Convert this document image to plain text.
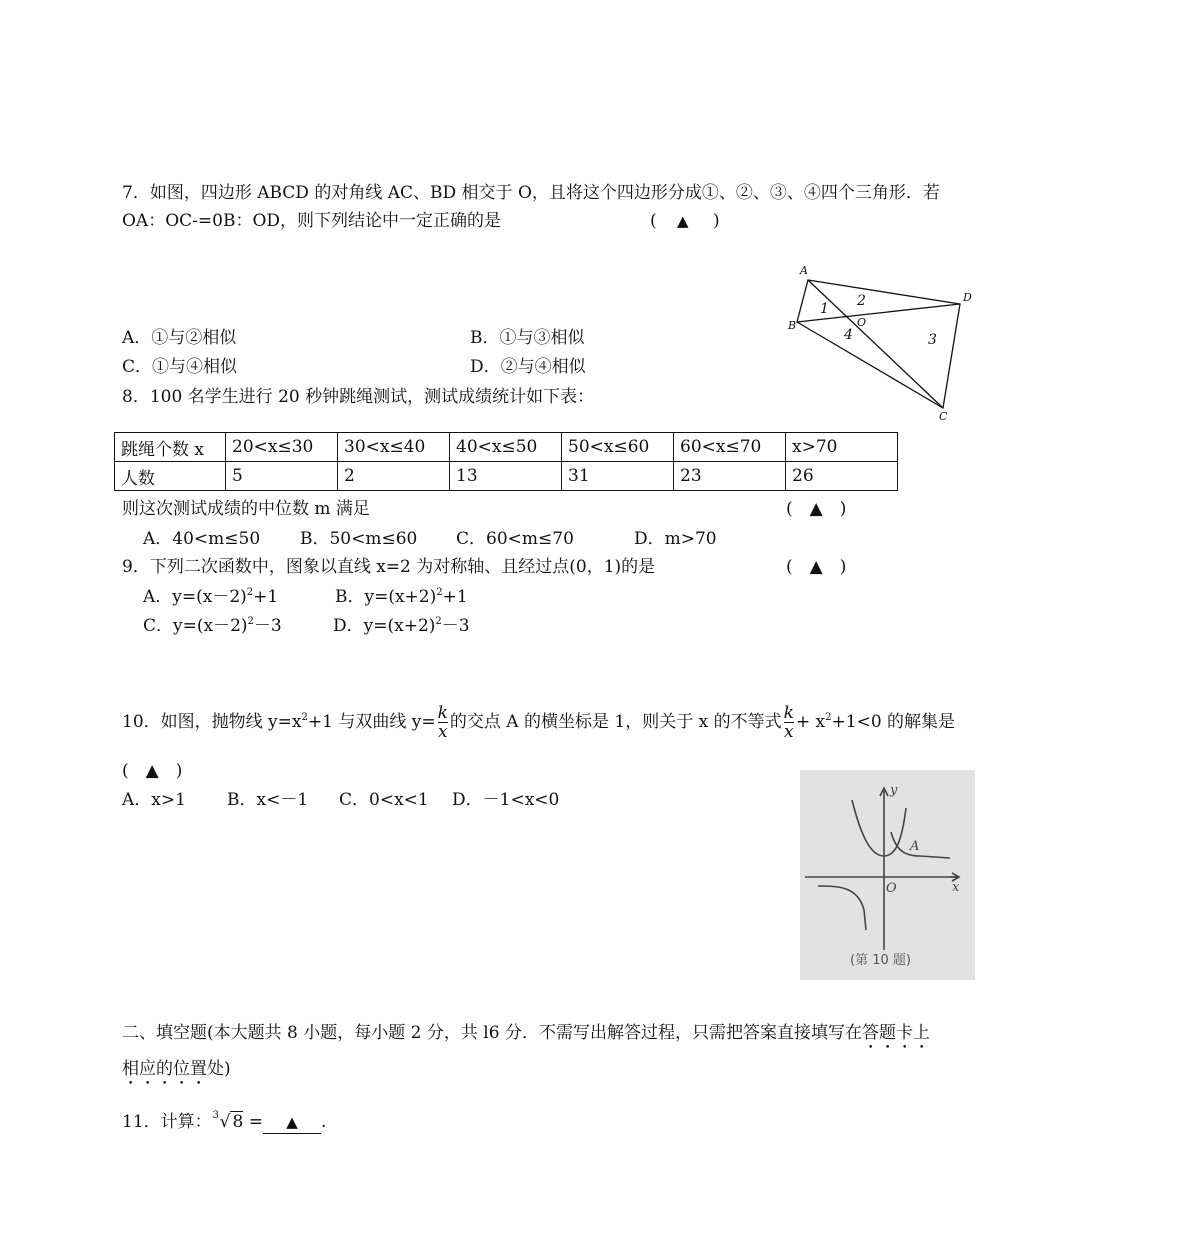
7．如图，四边形 ABCD 的对角线 AC、BD 相交于 O，且将这个四边形分成①、②、③、④四个三角形．若
OA：OC-=0B：OD，则下列结论中一定正确的是	( ▲ )
A．①与②相似	B．①与③相似
C．①与④相似	D．②与④相似
A
B
C
D
O
1 2
3
4
8．100 名学生进行 20 秒钟跳绳测试，测试成绩统计如下表：
跳绳个数 x	20<x≤30	30<x≤40	40<x≤50	50<x≤60	60<x≤70	x>70
人数	5	2	13	31	23	26
则这次测试成绩的中位数 m 满足	(　▲　)
A．40<m≤50 B．50<m≤60 C．60<m≤70	D．m>70
9．下列二次函数中，图象以直线 x=2 为对称轴、且经过点(0，1)的是	(　▲　)
A．$y=(x-2)^2+1$	B．$y=(x+2)^2+1$
C．$y=(x-2)^2-3$	D．$y=(x+2)^2-3$
10．如图，抛物线 $y=x^2+1$ 与双曲线 $y= \frac{k}{x}$ 的交点 A 的横坐标是 1，则关于 x 的不等式 $\frac{k}{x} + x^2+1<0$ 的解集是
(　▲　)
A．x>1 B．x<－1 C．0<x<1 D．－1<x<0	y
x
O
A
(第 10 题)
二、填空题(本大题共 8 小题，每小题 2 分，共 l6 分．不需写出解答过程，只需把答案直接填写在答题卡上
相应的位置处)
11．计算： 3 √ 8 = ▲ .
